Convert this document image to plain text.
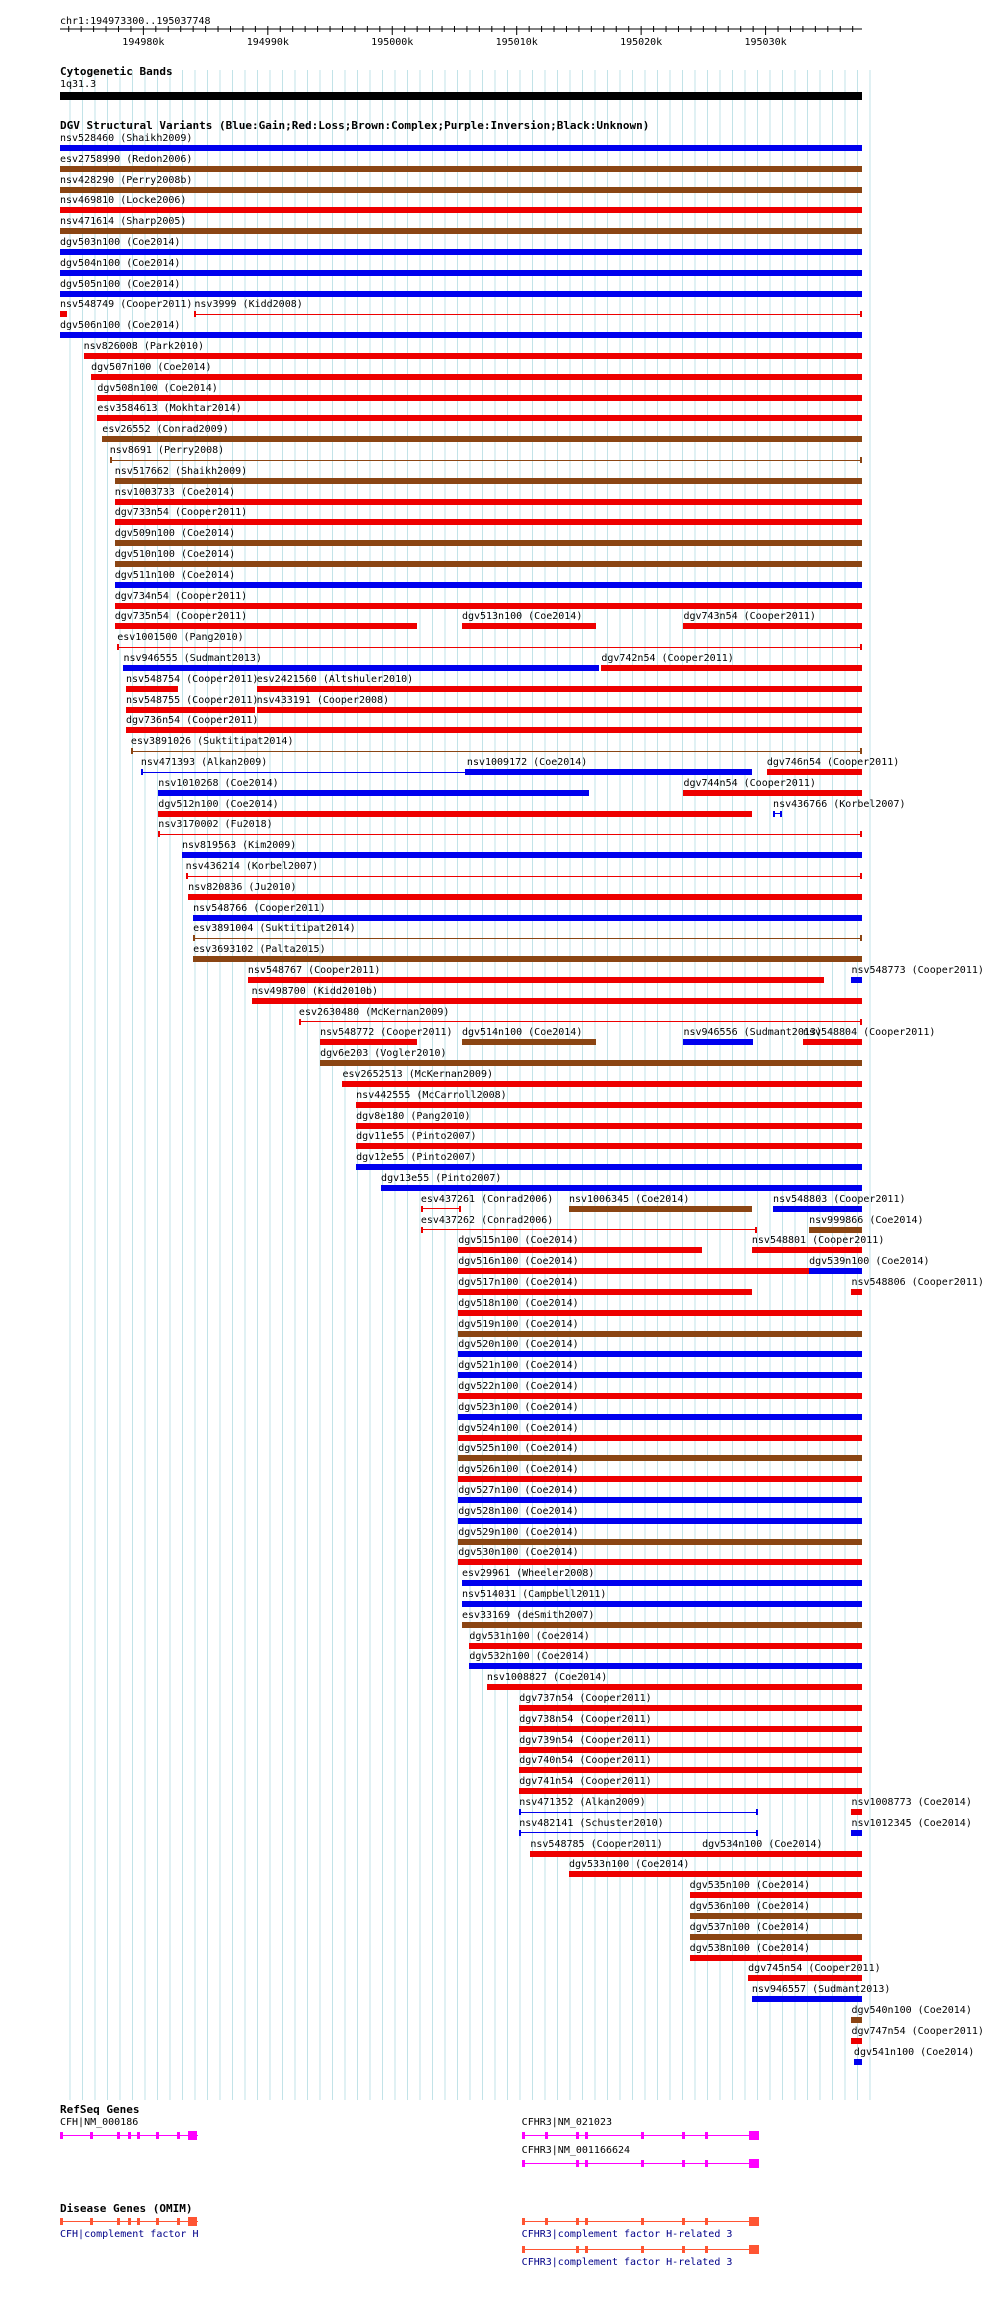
chr1:194973300..195037748
194980k	194990k	195000k	195010k	195020k	195030k
Cytogenetic Bands
1q31.3
DGV Structural Variants (Blue:Gain;Red:Loss;Brown:Complex;Purple:Inversion;Black:Unknown)
nsv528460 (Shaikh2009)
esv2758990 (Redon2006)
nsv428290 (Perry2008b)
nsv469810 (Locke2006)
nsv471614 (Sharp2005)
dgv503n100 (Coe2014)
dgv504n100 (Coe2014)
dgv505n100 (Coe2014)
nsv548749 (Cooper2011) nsv3999 (Kidd2008)
dgv506n100 (Coe2014)
nsv826008 (Park2010)
dgv507n100 (Coe2014)
dgv508n100 (Coe2014)
esv3584613 (Mokhtar2014)
esv26552 (Conrad2009)
nsv8691 (Perry2008)
nsv517662 (Shaikh2009)
nsv1003733 (Coe2014)
dgv733n54 (Cooper2011)
dgv509n100 (Coe2014)
dgv510n100 (Coe2014)
dgv511n100 (Coe2014)
dgv734n54 (Cooper2011)
dgv735n54 (Cooper2011)	dgv513n100 (Coe2014)	dgv743n54 (Cooper2011)
esv1001500 (Pang2010)
nsv946555 (Sudmant2013)	dgv742n54 (Cooper2011)
nsv548754 (Cooper2011)
esv2421560 (Altshuler2010)
nsv548755 (Cooper2011)
nsv433191 (Cooper2008)
dgv736n54 (Cooper2011)
esv3891026 (Suktitipat2014)
nsv471393 (Alkan2009)	nsv1009172 (Coe2014)	dgv746n54 (Cooper2011)
nsv1010268 (Coe2014)	dgv744n54 (Cooper2011)
dgv512n100 (Coe2014)	nsv436766 (Korbel2007)
nsv3170002 (Fu2018)
nsv819563 (Kim2009)
nsv436214 (Korbel2007)
nsv820836 (Ju2010)
nsv548766 (Cooper2011)
esv3891004 (Suktitipat2014)
esv3693102 (Palta2015)
nsv548767 (Cooper2011)	nsv548773 (Cooper2011)
nsv498700 (Kidd2010b)
esv2630480 (McKernan2009)
nsv548772 (Cooper2011) dgv514n100 (Coe2014)	nsv946556 (Sudmant2013)
nsv548804 (Cooper2011)
dgv6e203 (Vogler2010)
esv2652513 (McKernan2009)
nsv442555 (McCarroll2008)
dgv8e180 (Pang2010)
dgv11e55 (Pinto2007)
dgv12e55 (Pinto2007)
dgv13e55 (Pinto2007)
esv437261 (Conrad2006) nsv1006345 (Coe2014)	nsv548803 (Cooper2011)
esv437262 (Conrad2006)	nsv999866 (Coe2014)
dgv515n100 (Coe2014)	nsv548801 (Cooper2011)
dgv516n100 (Coe2014)	dgv539n100 (Coe2014)
dgv517n100 (Coe2014)	nsv548806 (Cooper2011)
dgv518n100 (Coe2014)
dgv519n100 (Coe2014)
dgv520n100 (Coe2014)
dgv521n100 (Coe2014)
dgv522n100 (Coe2014)
dgv523n100 (Coe2014)
dgv524n100 (Coe2014)
dgv525n100 (Coe2014)
dgv526n100 (Coe2014)
dgv527n100 (Coe2014)
dgv528n100 (Coe2014)
dgv529n100 (Coe2014)
dgv530n100 (Coe2014)
esv29961 (Wheeler2008)
nsv514031 (Campbell2011)
esv33169 (deSmith2007)
dgv531n100 (Coe2014)
dgv532n100 (Coe2014)
nsv1008827 (Coe2014)
dgv737n54 (Cooper2011)
dgv738n54 (Cooper2011)
dgv739n54 (Cooper2011)
dgv740n54 (Cooper2011)
dgv741n54 (Cooper2011)
nsv471352 (Alkan2009)	nsv1008773 (Coe2014)
nsv482141 (Schuster2010)	nsv1012345 (Coe2014)
nsv548785 (Cooper2011)	dgv534n100 (Coe2014)
dgv533n100 (Coe2014)
dgv535n100 (Coe2014)
dgv536n100 (Coe2014)
dgv537n100 (Coe2014)
dgv538n100 (Coe2014)
dgv745n54 (Cooper2011)
nsv946557 (Sudmant2013)
dgv540n100 (Coe2014)
dgv747n54 (Cooper2011)
dgv541n100 (Coe2014)
RefSeq Genes
CFH|NM_000186	CFHR3|NM_021023
CFHR3|NM_001166624
Disease Genes (OMIM)
CFH|complement factor H	CFHR3|complement factor H-related 3
CFHR3|complement factor H-related 3
